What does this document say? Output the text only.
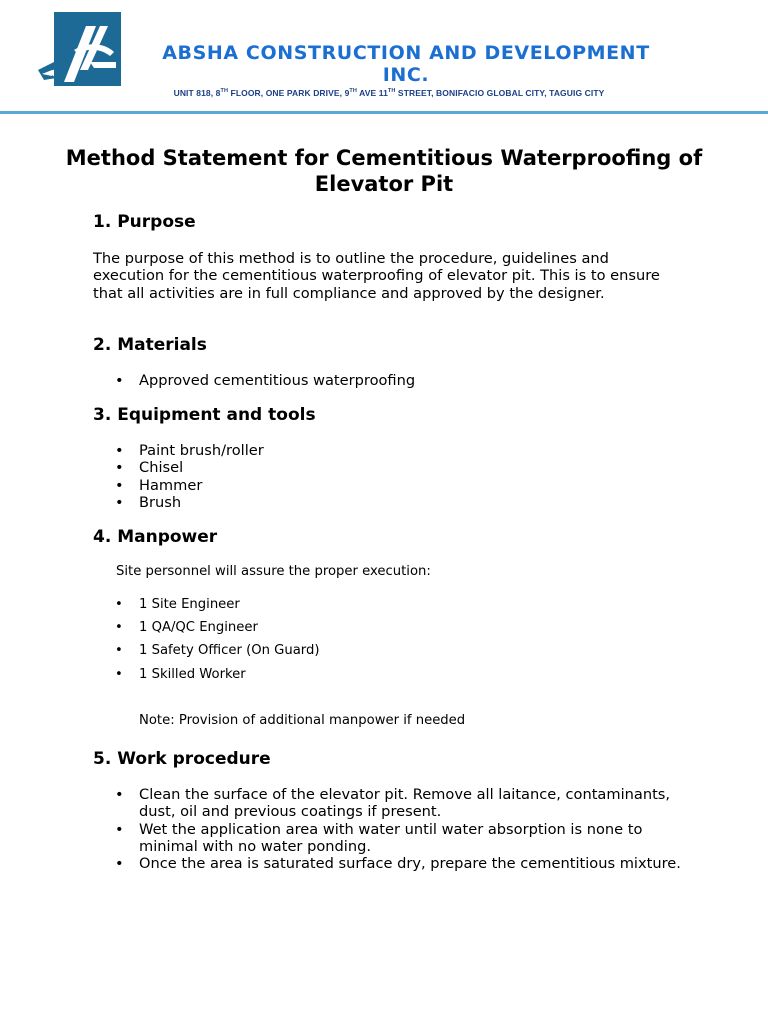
ABSHA CONSTRUCTION AND DEVELOPMENT INC.
UNIT 818, 8TH FLOOR, ONE PARK DRIVE, 9TH AVE 11TH STREET, BONIFACIO GLOBAL CITY, TAGUIG CITY
Method Statement for Cementitious Waterproofing of Elevator Pit
1. Purpose

The purpose of this method is to outline the procedure, guidelines and execution for the cementitious waterproofing of elevator pit. This is to ensure that all activities are in full compliance and approved by the designer.

2. Materials
• Approved cementitious waterproofing
3. Equipment and tools
• Paint brush/roller
• Chisel
• Hammer
• Brush
4. Manpower

Site personnel will assure the proper execution:

• 1 Site Engineer
• 1 QA/QC Engineer
• 1 Safety Officer (On Guard)
• 1 Skilled Worker

Note: Provision of additional manpower if needed

5. Work procedure
• Clean the surface of the elevator pit. Remove all laitance, contaminants, dust, oil and previous coatings if present.
• Wet the application area with water until water absorption is none to minimal with no water ponding.
• Once the area is saturated surface dry, prepare the cementitious mixture.
